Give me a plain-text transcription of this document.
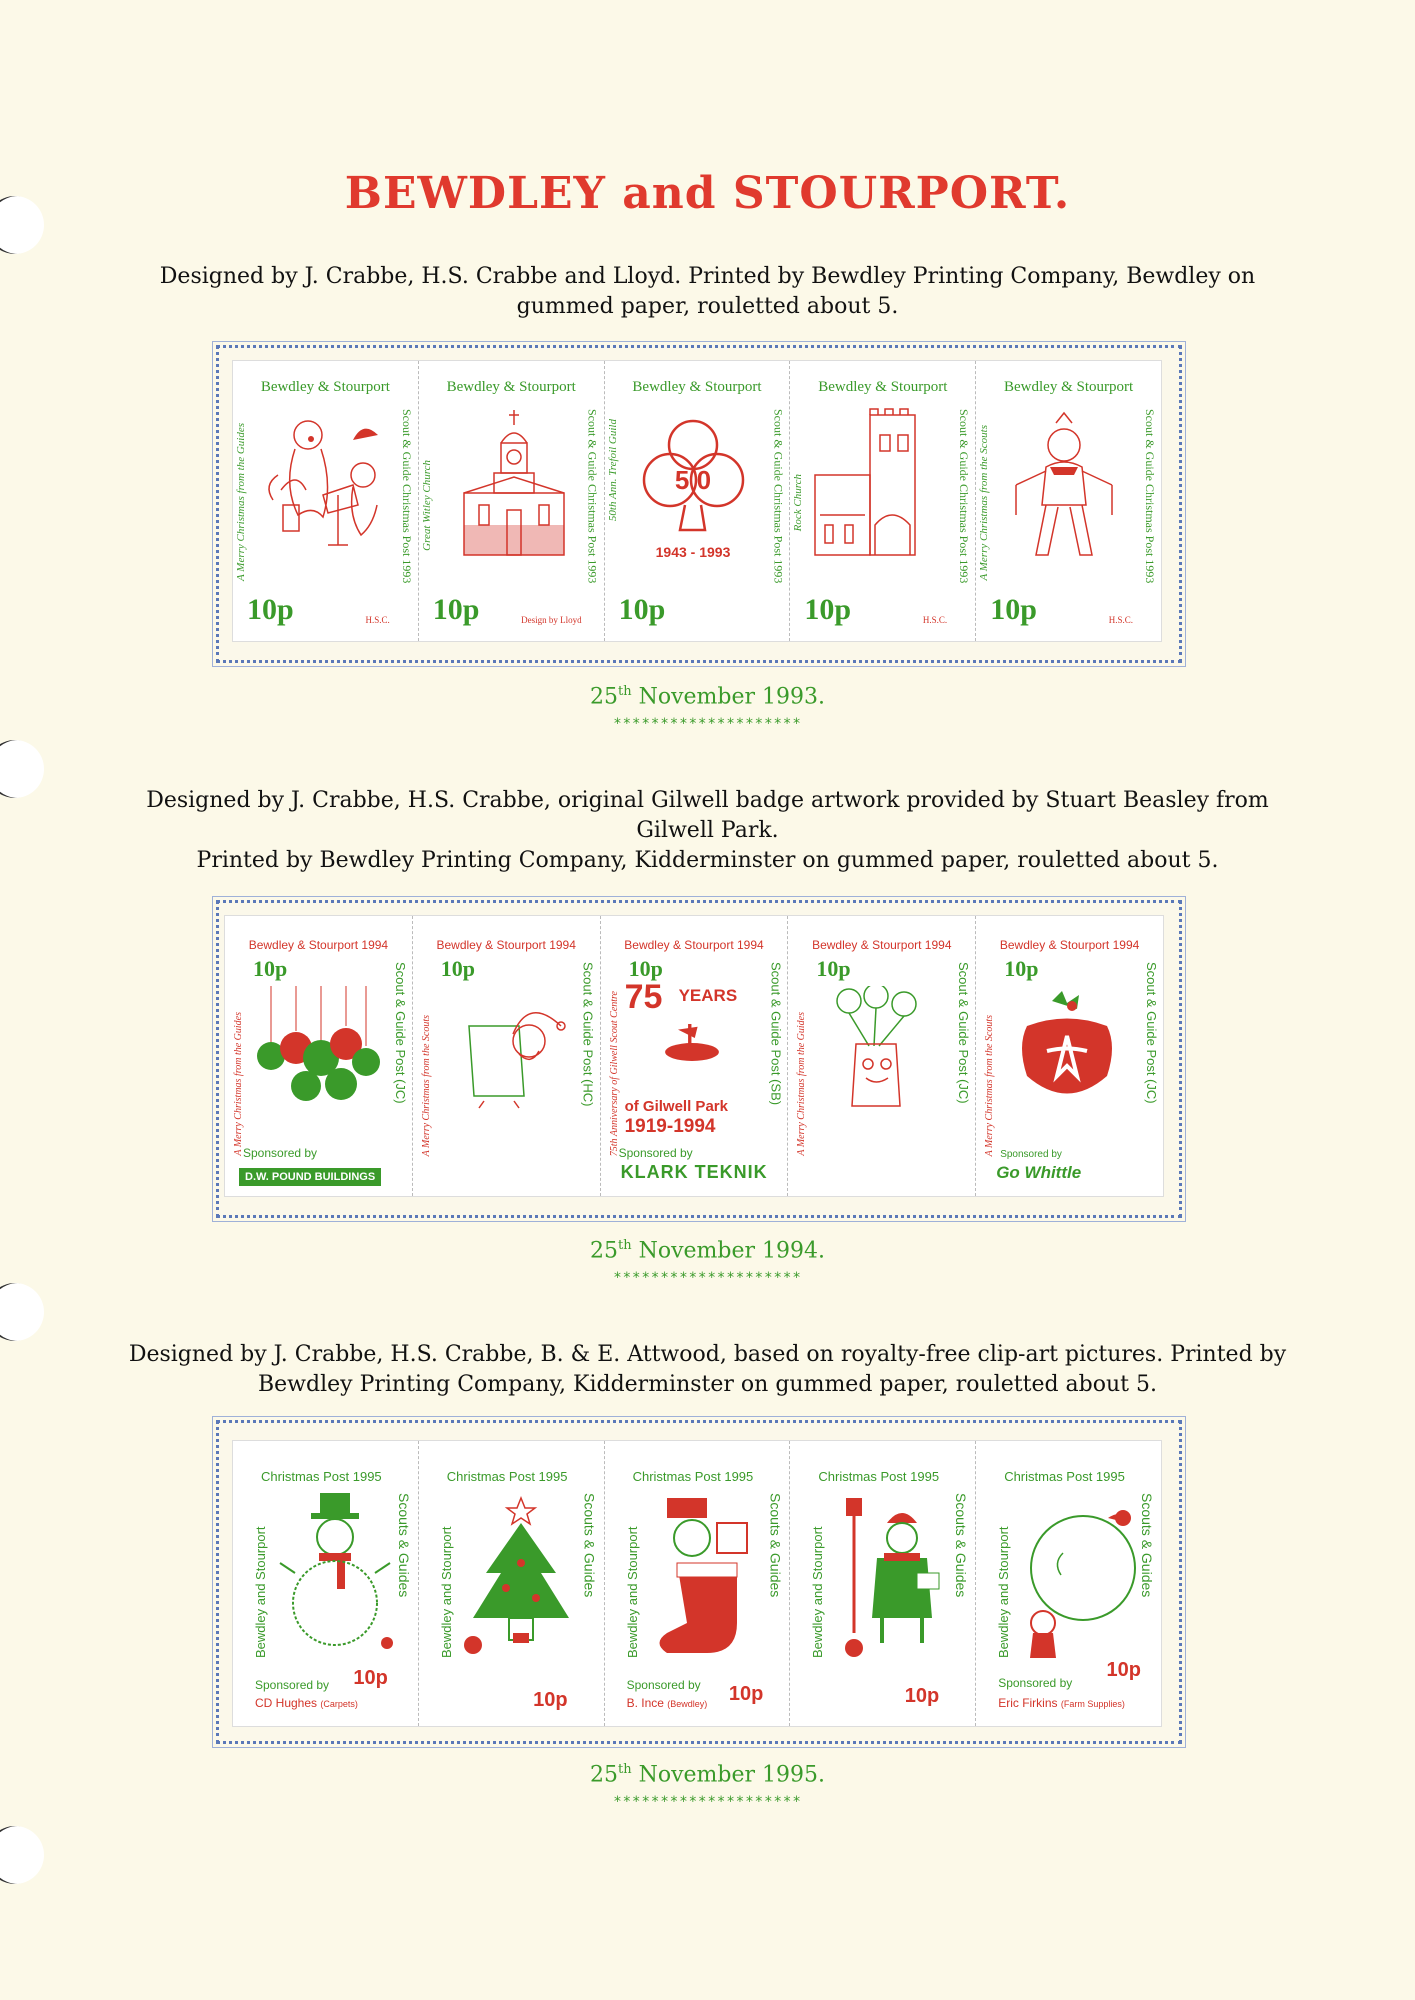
BEWDLEY and STOURPORT.
Designed by J. Crabbe, H.S. Crabbe and Lloyd. Printed by Bewdley Printing Company, Bewdley on gummed paper, rouletted about 5.
Bewdley & Stourport
A Merry Christmas from the Guides	Scout & Guide Christmas Post 1993
10p	H.S.C.
Bewdley & Stourport
Great Witley Church	Scout & Guide Christmas Post 1993
10p	Design by Lloyd
Bewdley & Stourport
50th Ann. Trefoil Guild	Scout & Guide Christmas Post 1993
5 0
1943 - 1993
10p
Bewdley & Stourport
Rock Church	Scout & Guide Christmas Post 1993
10p	H.S.C.
Bewdley & Stourport
A Merry Christmas from the Scouts	Scout & Guide Christmas Post 1993
10p	H.S.C.
25th November 1993.
********************
Designed by J. Crabbe, H.S. Crabbe, original Gilwell badge artwork provided by Stuart Beasley from
Gilwell Park.
Printed by Bewdley Printing Company, Kidderminster on gummed paper, rouletted about 5.
Bewdley & Stourport 1994
10p
A Merry Christmas from the Guides	Scout & Guide Post (JC)
Sponsored by
D.W. POUND BUILDINGS
Bewdley & Stourport 1994
10p
A Merry Christmas from the Scouts	Scout & Guide Post (HC)
Bewdley & Stourport 1994
10p
75th Anniversary of Gilwell Scout Centre	Scout & Guide Post (SB)
75 YEARS
of Gilwell Park
1919-1994
Sponsored by
KLARK TEKNIK
Bewdley & Stourport 1994
10p
A Merry Christmas from the Guides	Scout & Guide Post (JC)
Bewdley & Stourport 1994
10p
A Merry Christmas from the Scouts	Scout & Guide Post (JC)
Sponsored by
Go Whittle
25th November 1994.
********************
Designed by J. Crabbe, H.S. Crabbe, B. & E. Attwood, based on royalty-free clip-art pictures. Printed by Bewdley Printing Company, Kidderminster on gummed paper, rouletted about 5.
Christmas Post 1995
Bewdley and Stourport	Scouts & Guides
Sponsored by
CD Hughes (Carpets)
10p
Christmas Post 1995
Bewdley and Stourport	Scouts & Guides
10p
Christmas Post 1995
Bewdley and Stourport	Scouts & Guides
Sponsored by
B. Ince (Bewdley) 10p
Christmas Post 1995
Bewdley and Stourport	Scouts & Guides
10p
Christmas Post 1995
Bewdley and Stourport	Scouts & Guides
Sponsored by
Eric Firkins (Farm Supplies)
10p
25th November 1995.
********************
